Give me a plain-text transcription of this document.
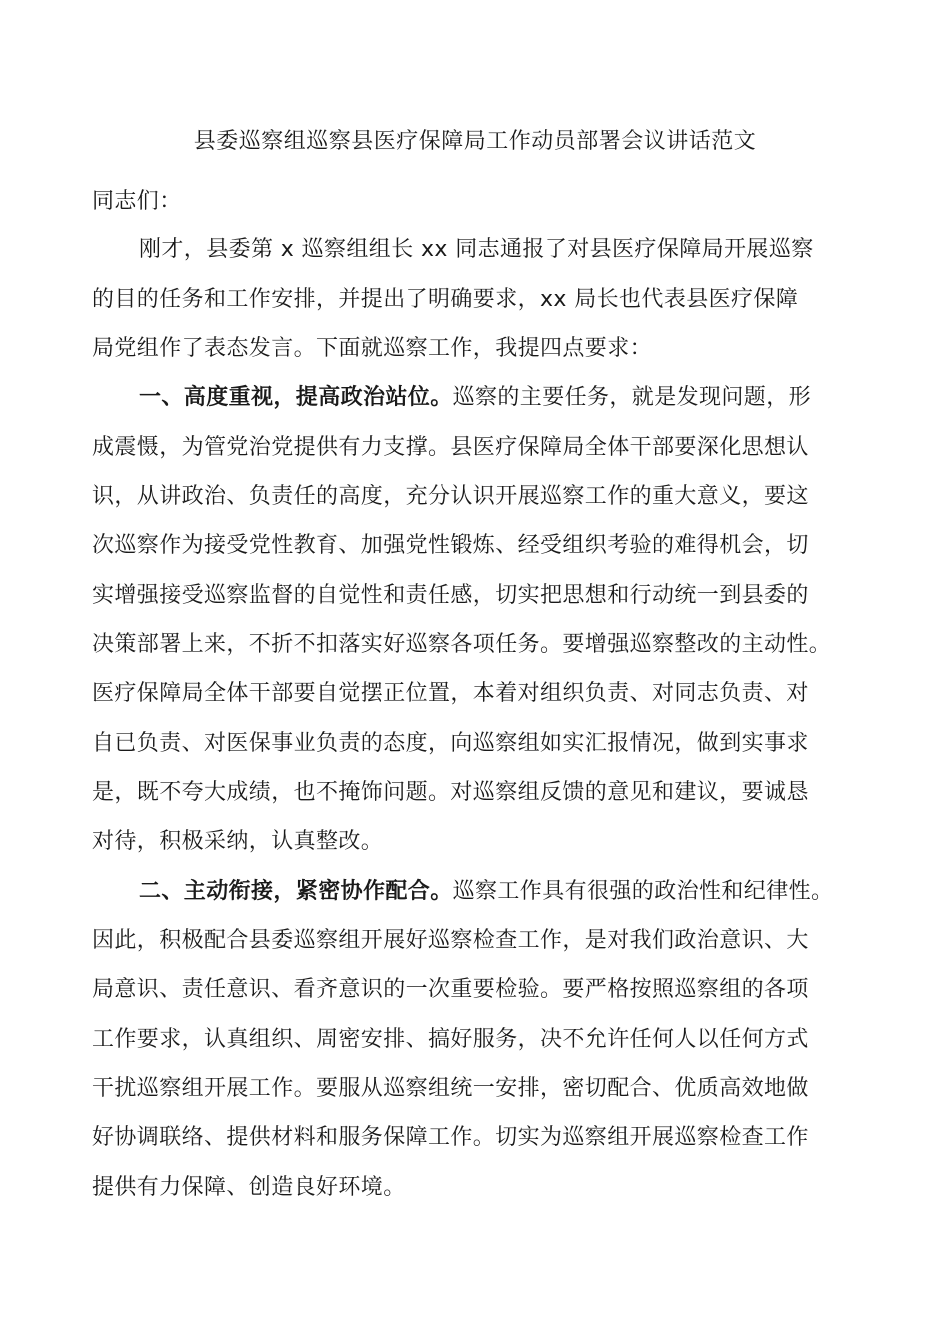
县委巡察组巡察县医疗保障局工作动员部署会议讲话范文
同志们：
刚才，县委第 x 巡察组组长 xx 同志通报了对县医疗保障局开展巡察
的目的任务和工作安排，并提出了明确要求，xx 局长也代表县医疗保障
局党组作了表态发言。下面就巡察工作，我提四点要求：
一、高度重视，提高政治站位。巡察的主要任务，就是发现问题，形
成震慑，为管党治党提供有力支撑。县医疗保障局全体干部要深化思想认
识，从讲政治、负责任的高度，充分认识开展巡察工作的重大意义，要这
次巡察作为接受党性教育、加强党性锻炼、经受组织考验的难得机会，切
实增强接受巡察监督的自觉性和责任感，切实把思想和行动统一到县委的
决策部署上来，不折不扣落实好巡察各项任务。要增强巡察整改的主动性。
医疗保障局全体干部要自觉摆正位置，本着对组织负责、对同志负责、对
自已负责、对医保事业负责的态度，向巡察组如实汇报情况，做到实事求
是，既不夸大成绩，也不掩饰问题。对巡察组反馈的意见和建议，要诚恳
对待，积极采纳，认真整改。
二、主动衔接，紧密协作配合。巡察工作具有很强的政治性和纪律性。
因此，积极配合县委巡察组开展好巡察检查工作，是对我们政治意识、大
局意识、责任意识、看齐意识的一次重要检验。要严格按照巡察组的各项
工作要求，认真组织、周密安排、搞好服务，决不允许任何人以任何方式
干扰巡察组开展工作。要服从巡察组统一安排，密切配合、优质高效地做
好协调联络、提供材料和服务保障工作。切实为巡察组开展巡察检查工作
提供有力保障、创造良好环境。
